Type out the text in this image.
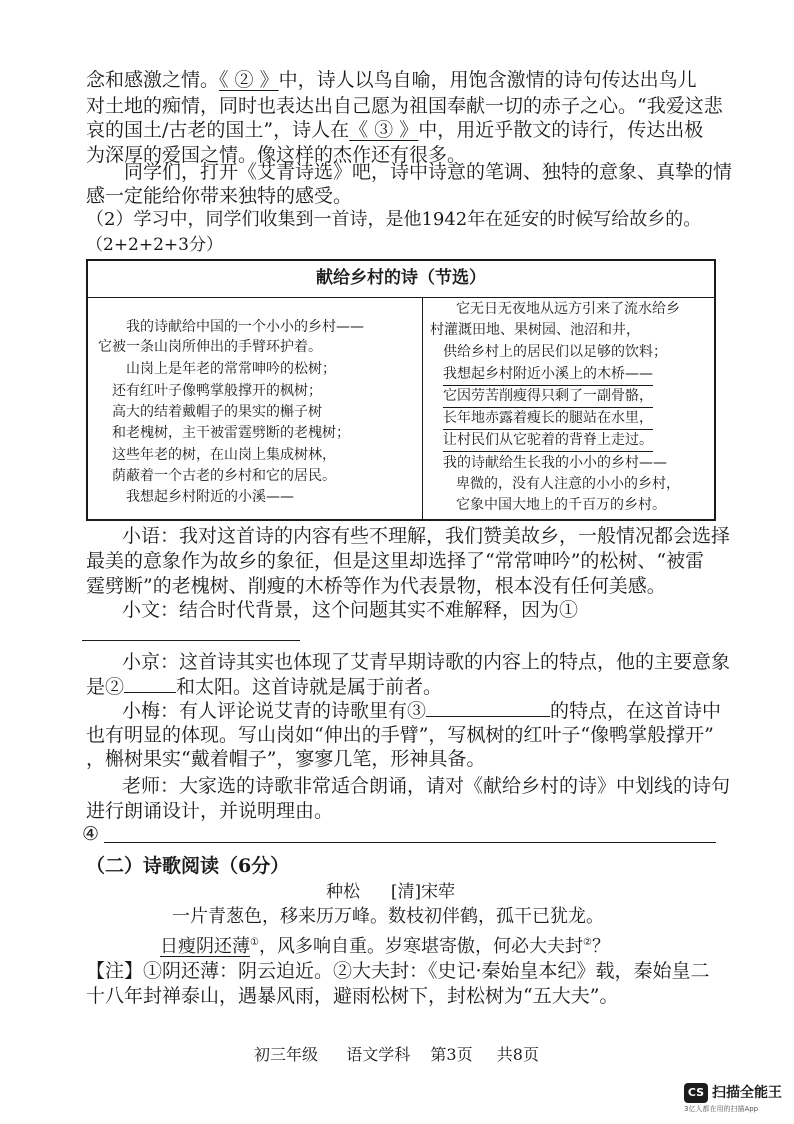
念和感激之情。《 ② 》中，诗人以鸟自喻，用饱含激情的诗句传达出鸟儿
对土地的痴情，同时也表达出自己愿为祖国奉献一切的赤子之心。“我爱这悲
哀的国土/古老的国土”，诗人在《 ③ 》中，用近乎散文的诗行，传达出极
为深厚的爱国之情。像这样的杰作还有很多。
同学们，打开《艾青诗选》吧，诗中诗意的笔调、独特的意象、真挚的情
感一定能给你带来独特的感受。
（2）学习中，同学们收集到一首诗，是他1942年在延安的时候写给故乡的。
（2+2+2+3分）
献给乡村的诗（节选）
我的诗献给中国的一个小小的乡村——
它被一条山岗所伸出的手臂环护着。
山岗上是年老的常常呻吟的松树；
还有红叶子像鸭掌般撑开的枫树；
高大的结着戴帽子的果实的槲子树
和老槐树，主干被雷霆劈断的老槐树；
这些年老的树，在山岗上集成树林，
荫蔽着一个古老的乡村和它的居民。
我想起乡村附近的小溪——
它无日无夜地从远方引来了流水给乡
村灌溉田地、果树园、池沼和井，
供给乡村上的居民们以足够的饮料；
我想起乡村附近小溪上的木桥——
它因劳苦削瘦得只剩了一副骨骼，
长年地赤露着瘦长的腿站在水里，
让村民们从它驼着的背脊上走过。
我的诗献给生长我的小小的乡村——
卑微的，没有人注意的小小的乡村，
它象中国大地上的千百万的乡村。
小语：我对这首诗的内容有些不理解，我们赞美故乡，一般情况都会选择
最美的意象作为故乡的象征，但是这里却选择了“常常呻吟”的松树、“被雷
霆劈断”的老槐树、削瘦的木桥等作为代表景物，根本没有任何美感。
小文：结合时代背景，这个问题其实不难解释，因为①
小京：这首诗其实也体现了艾青早期诗歌的内容上的特点，他的主要意象
是②	和太阳。这首诗就是属于前者。
小梅：有人评论说艾青的诗歌里有③	的特点，在这首诗中
也有明显的体现。写山岗如“伸出的手臂”，写枫树的红叶子“像鸭掌般撑开”
，槲树果实“戴着帽子”，寥寥几笔，形神具备。
老师：大家选的诗歌非常适合朗诵，请对《献给乡村的诗》中划线的诗句
进行朗诵设计，并说明理由。
④
（二）诗歌阅读（6分）
种松 [清]宋荦
一片青葱色，移来历万峰。数枝初伴鹤，孤干已犹龙。
日瘦阴还薄①，风多响自重。岁寒堪寄傲，何必大夫封②？
【注】①阴还薄：阴云迫近。②大夫封：《史记·秦始皇本纪》载，秦始皇二
十八年封禅泰山，遇暴风雨，避雨松树下，封松树为“五大夫”。
初三年级 语文学科 第3页 共8页
CS 扫描全能王
3亿人都在用的扫描App
